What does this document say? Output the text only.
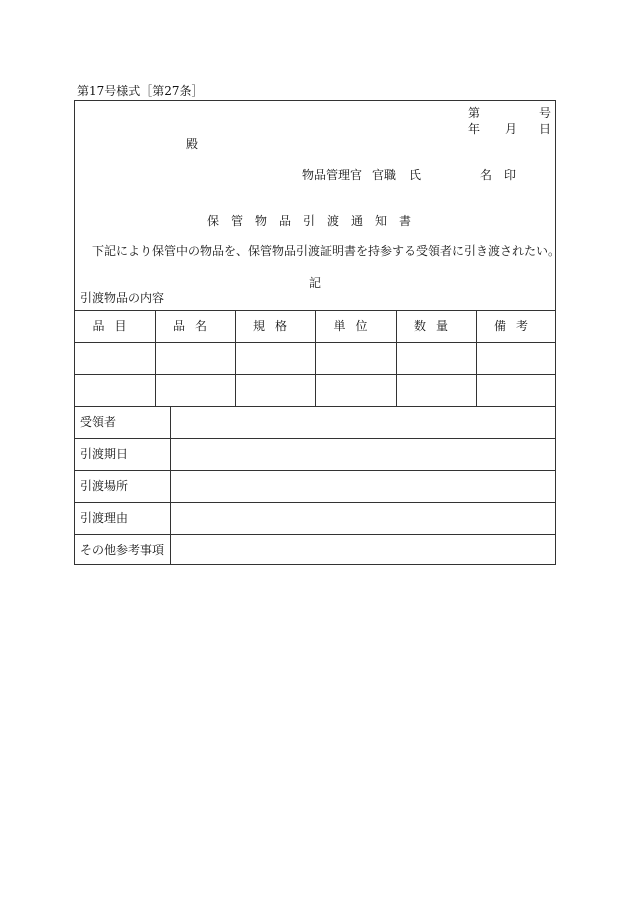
第17号様式［第27条］
第	号
年 月 日
殿
物品管理官 官職 氏	名 印
保管物品引渡通知書
下記により保管中の物品を、保管物品引渡証明書を持参する受領者に引き渡されたい。
記
引渡物品の内容
品目	品名	規格	単位	数量	備考
受領者
引渡期日
引渡場所
引渡理由
その他参考事項
